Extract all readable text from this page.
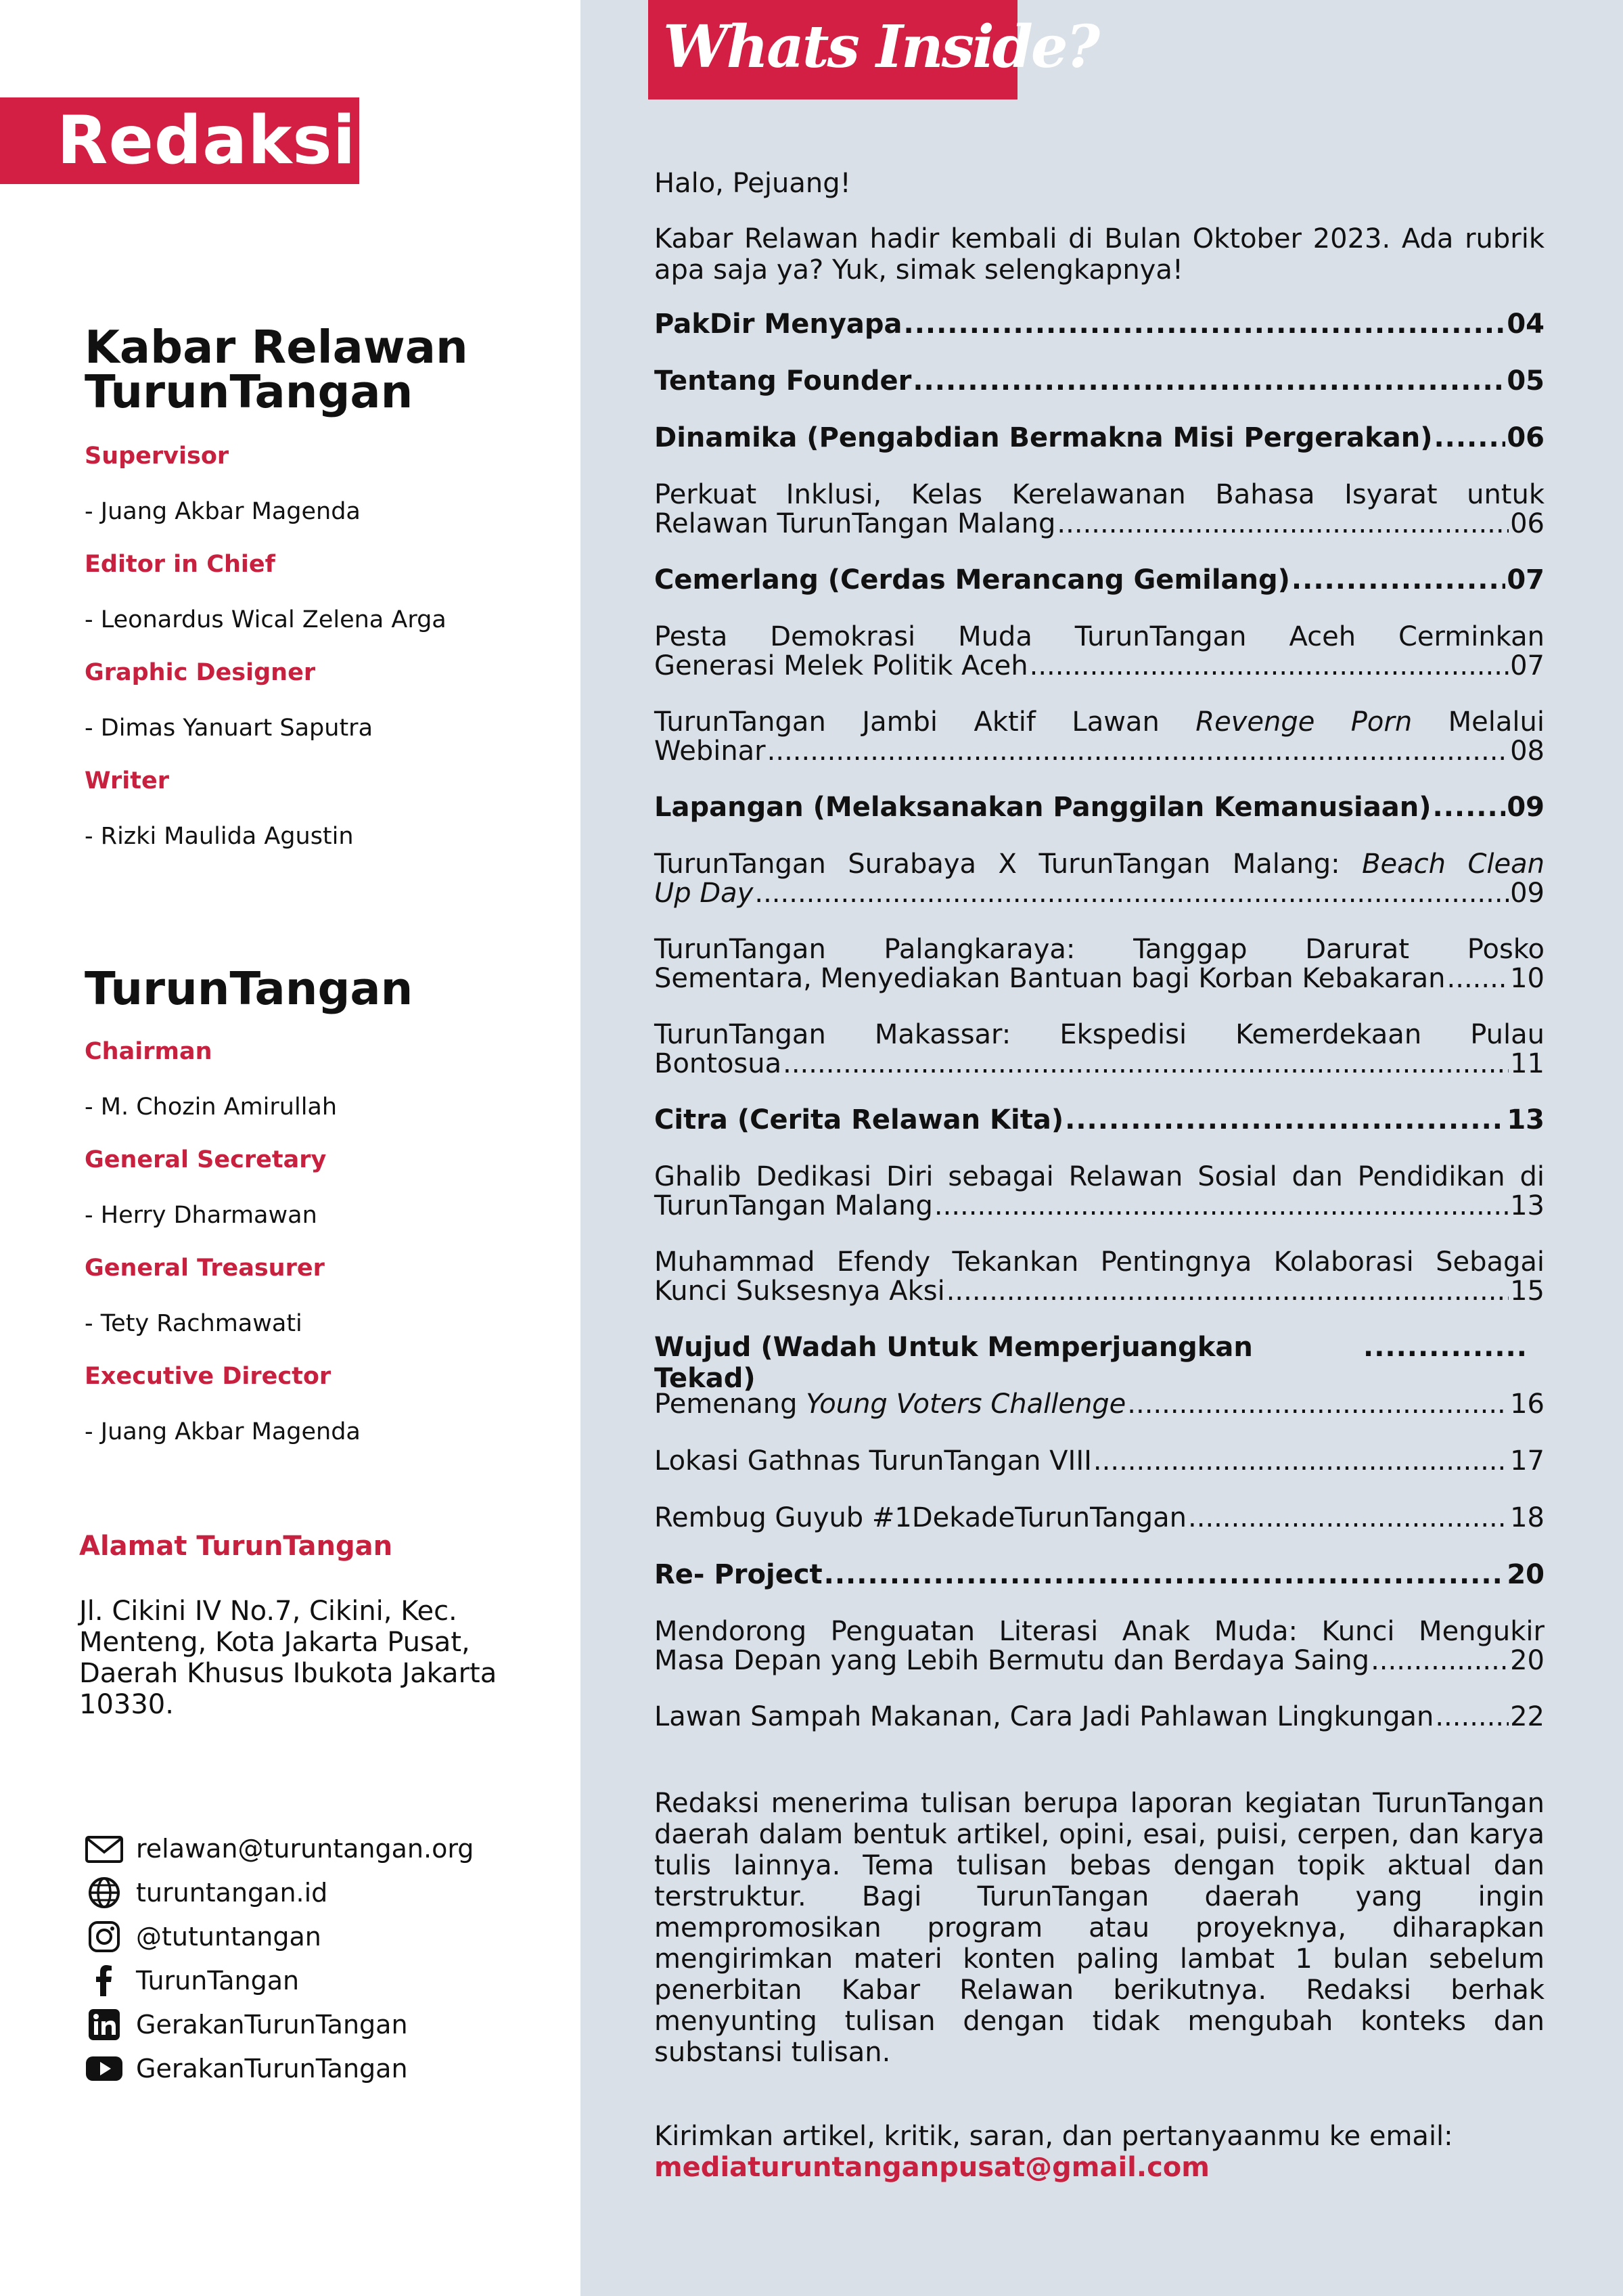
Redaksi
Kabar Relawan
TurunTangan
Supervisor
- Juang Akbar Magenda
Editor in Chief
- Leonardus Wical Zelena Arga
Graphic Designer
- Dimas Yanuart Saputra
Writer
- Rizki Maulida Agustin
TurunTangan
Chairman
- M. Chozin Amirullah
General Secretary
- Herry Dharmawan
General Treasurer
- Tety Rachmawati
Executive Director
- Juang Akbar Magenda
Alamat TurunTangan
Jl. Cikini IV No.7, Cikini, Kec. Menteng, Kota Jakarta Pusat, Daerah Khusus Ibukota Jakarta 10330.
relawan@turuntangan.org
turuntangan.id
@tutuntangan
TurunTangan
GerakanTurunTangan
GerakanTurunTangan
Whats Inside?
Halo, Pejuang!
Kabar Relawan hadir kembali di Bulan Oktober 2023. Ada rubrik apa saja ya? Yuk, simak selengkapnya!
PakDir Menyapa .....	04
Tentang Founder .....	05
Dinamika (Pengabdian Bermakna Misi Pergerakan) .....	06
Perkuat Inklusi, Kelas Kerelawanan Bahasa Isyarat untuk
Relawan TurunTangan Malang .....	06
Cemerlang (Cerdas Merancang Gemilang) .....	07
Pesta Demokrasi Muda TurunTangan Aceh Cerminkan
Generasi Melek Politik Aceh .....	07
TurunTangan Jambi Aktif Lawan Revenge Porn Melalui
Webinar .....	08
Lapangan (Melaksanakan Panggilan Kemanusiaan) .....	09
TurunTangan Surabaya X TurunTangan Malang: Beach Clean
Up Day .....	09
TurunTangan Palangkaraya: Tanggap Darurat Posko
Sementara, Menyediakan Bantuan bagi Korban Kebakaran ..... 10
TurunTangan Makassar: Ekspedisi Kemerdekaan Pulau
Bontosua .....	11
Citra (Cerita Relawan Kita) .....	13
Ghalib Dedikasi Diri sebagai Relawan Sosial dan Pendidikan di
TurunTangan Malang .....	13
Muhammad Efendy Tekankan Pentingnya Kolaborasi Sebagai
Kunci Suksesnya Aksi .....	15
Wujud (Wadah Untuk Memperjuangkan Tekad)
.....
Pemenang Young Voters Challenge .....	16
Lokasi Gathnas TurunTangan VIII .....	17
Rembug Guyub #1DekadeTurunTangan .....	18
Re- Project .....	20
Mendorong Penguatan Literasi Anak Muda: Kunci Mengukir
Masa Depan yang Lebih Bermutu dan Berdaya Saing .....	20
Lawan Sampah Makanan, Cara Jadi Pahlawan Lingkungan .....	22
Redaksi menerima tulisan berupa laporan kegiatan TurunTangan daerah dalam bentuk artikel, opini, esai, puisi, cerpen, dan karya tulis lainnya. Tema tulisan bebas dengan topik aktual dan terstruktur. Bagi TurunTangan daerah yang ingin mempromosikan program atau proyeknya, diharapkan mengirimkan materi konten paling lambat 1 bulan sebelum penerbitan Kabar Relawan berikutnya. Redaksi berhak menyunting tulisan dengan tidak mengubah konteks dan substansi tulisan.
Kirimkan artikel, kritik, saran, dan pertanyaanmu ke email:
mediaturuntanganpusat@gmail.com
